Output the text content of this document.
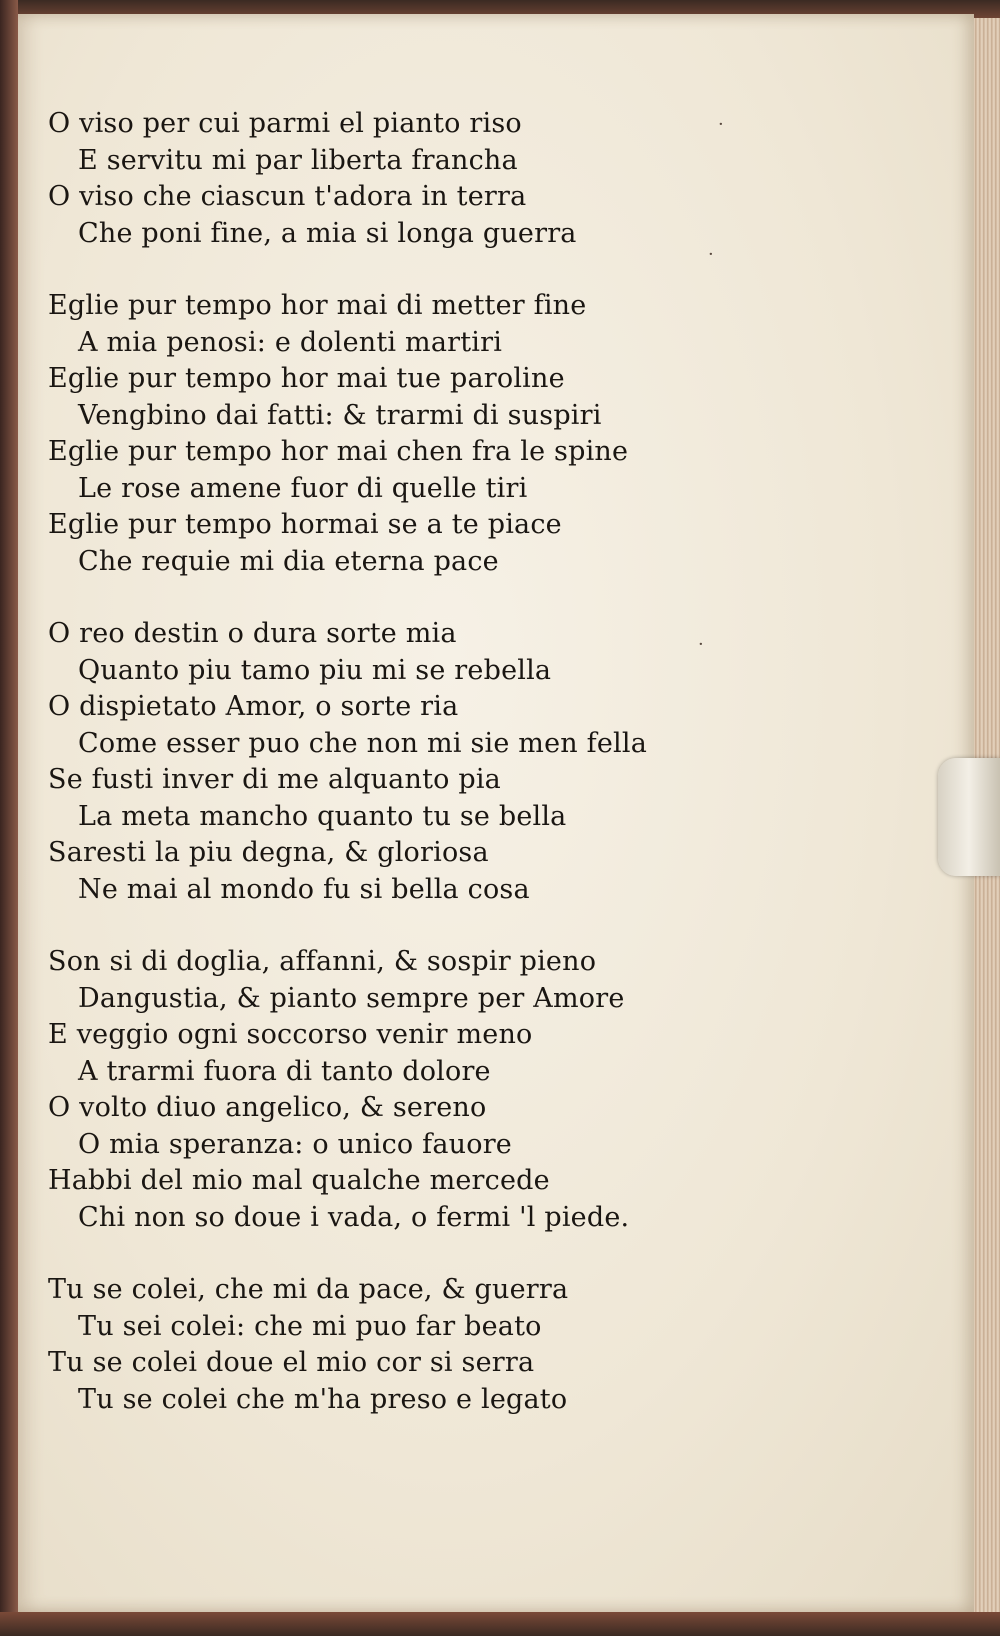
O viso per cui parmi el pianto riso
E servitu mi par liberta francha
O viso che ciascun t'adora in terra
Che poni fine, a mia si longa guerra
Eglie pur tempo hor mai di metter fine
A mia penosi: e dolenti martiri
Eglie pur tempo hor mai tue paroline
Vengbino dai fatti: & trarmi di suspiri
Eglie pur tempo hor mai chen fra le spine
Le rose amene fuor di quelle tiri
Eglie pur tempo hormai se a te piace
Che requie mi dia eterna pace
O reo destin o dura sorte mia
Quanto piu tamo piu mi se rebella
O dispietato Amor, o sorte ria
Come esser puo che non mi sie men fella
Se fusti inver di me alquanto pia
La meta mancho quanto tu se bella
Saresti la piu degna, & gloriosa
Ne mai al mondo fu si bella cosa
Son si di doglia, affanni, & sospir pieno
Dangustia, & pianto sempre per Amore
E veggio ogni soccorso venir meno
A trarmi fuora di tanto dolore
O volto diuo angelico, & sereno
O mia speranza: o unico fauore
Habbi del mio mal qualche mercede
Chi non so doue i vada, o fermi 'l piede.
Tu se colei, che mi da pace, & guerra
Tu sei colei: che mi puo far beato
Tu se colei doue el mio cor si serra
Tu se colei che m'ha preso e legato
·
·
·
